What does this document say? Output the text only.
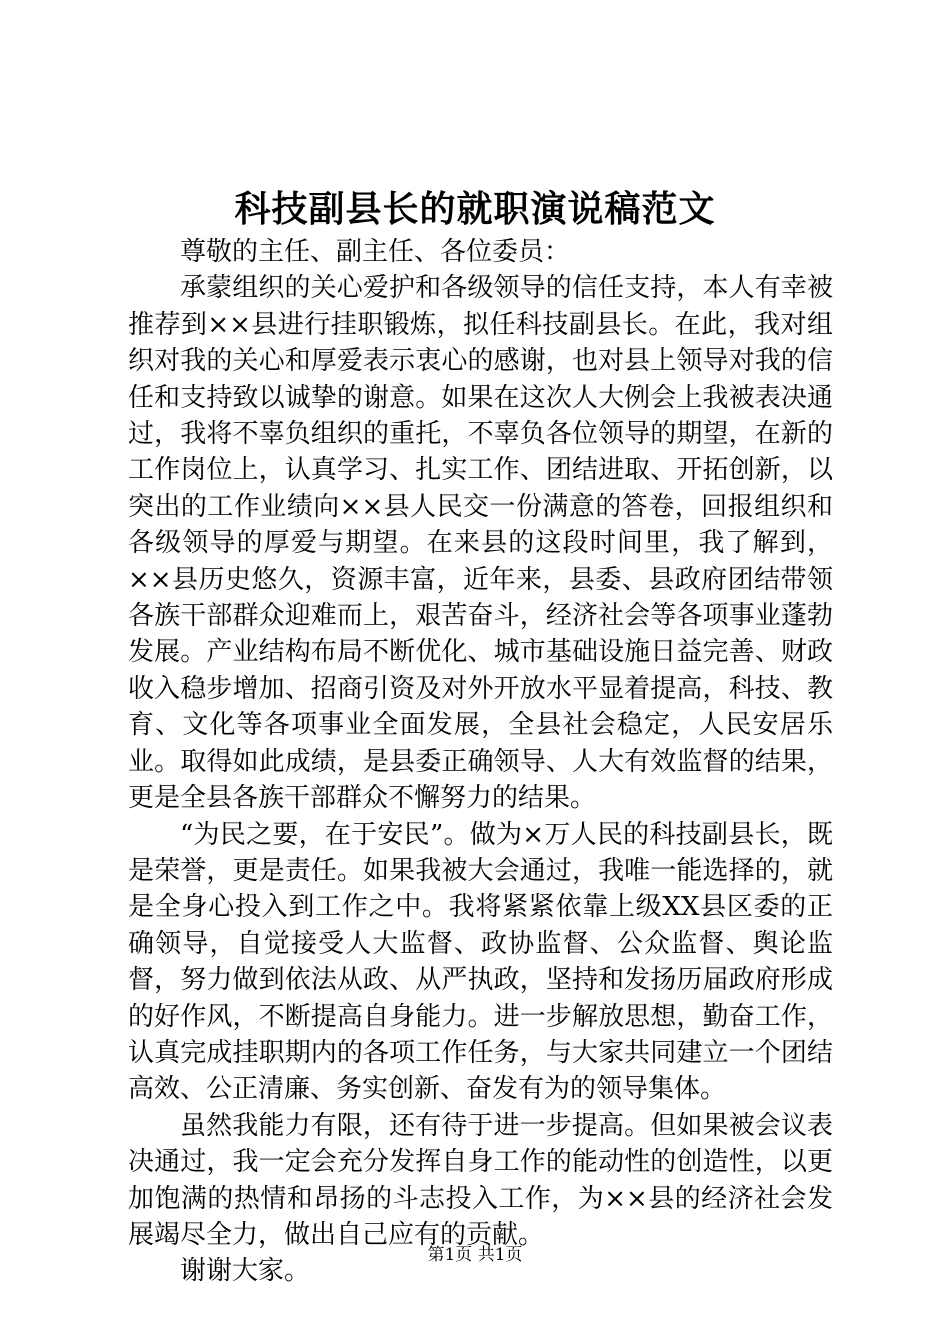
科技副县长的就职演说稿范文

尊敬的主任、副主任、各位委员：

承蒙组织的关心爱护和各级领导的信任支持，本人有幸被推荐到××县进行挂职锻炼，拟任科技副县长。在此，我对组织对我的关心和厚爱表示衷心的感谢，也对县上领导对我的信任和支持致以诚挚的谢意。如果在这次人大例会上我被表决通过，我将不辜负组织的重托，不辜负各位领导的期望，在新的工作岗位上，认真学习、扎实工作、团结进取、开拓创新，以突出的工作业绩向××县人民交一份满意的答卷，回报组织和各级领导的厚爱与期望。在来县的这段时间里，我了解到，××县历史悠久，资源丰富，近年来，县委、县政府团结带领各族干部群众迎难而上，艰苦奋斗，经济社会等各项事业蓬勃发展。产业结构布局不断优化、城市基础设施日益完善、财政收入稳步增加、招商引资及对外开放水平显着提高，科技、教育、文化等各项事业全面发展，全县社会稳定，人民安居乐业。取得如此成绩，是县委正确领导、人大有效监督的结果，更是全县各族干部群众不懈努力的结果。

“为民之要，在于安民”。做为×万人民的科技副县长，既是荣誉，更是责任。如果我被大会通过，我唯一能选择的，就是全身心投入到工作之中。我将紧紧依靠上级XX县区委的正确领导，自觉接受人大监督、政协监督、公众监督、舆论监督，努力做到依法从政、从严执政，坚持和发扬历届政府形成的好作风，不断提高自身能力。进一步解放思想，勤奋工作，认真完成挂职期内的各项工作任务，与大家共同建立一个团结高效、公正清廉、务实创新、奋发有为的领导集体。

虽然我能力有限，还有待于进一步提高。但如果被会议表决通过，我一定会充分发挥自身工作的能动性的创造性，以更加饱满的热情和昂扬的斗志投入工作，为××县的经济社会发展竭尽全力，做出自己应有的贡献。

谢谢大家。

第1页 共1页
